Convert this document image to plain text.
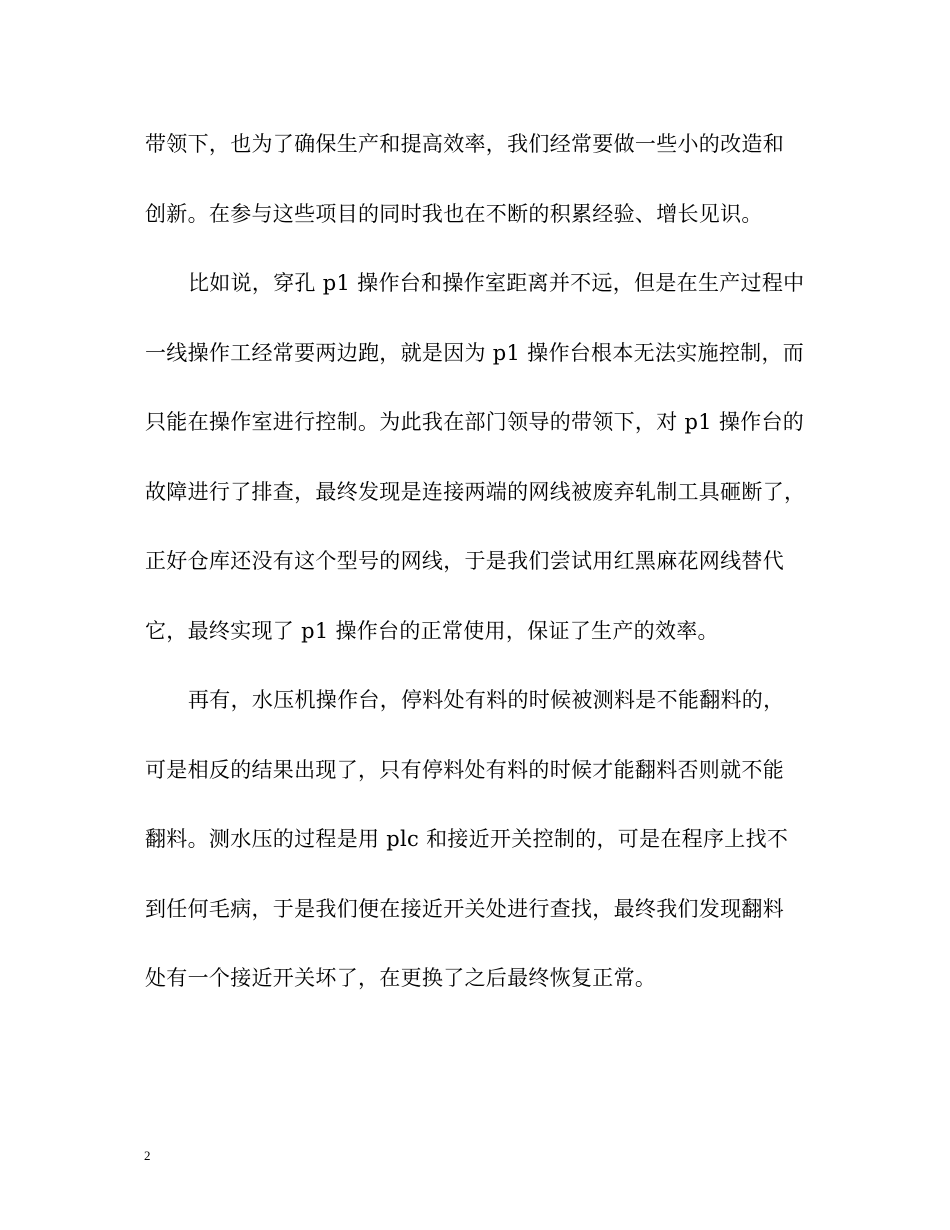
带领下，也为了确保生产和提高效率，我们经常要做一些小的改造和
创新。在参与这些项目的同时我也在不断的积累经验、增长见识。
比如说，穿孔 p1 操作台和操作室距离并不远，但是在生产过程中
一线操作工经常要两边跑，就是因为 p1 操作台根本无法实施控制，而
只能在操作室进行控制。为此我在部门领导的带领下，对 p1 操作台的
故障进行了排查，最终发现是连接两端的网线被废弃轧制工具砸断了，
正好仓库还没有这个型号的网线，于是我们尝试用红黑麻花网线替代
它，最终实现了 p1 操作台的正常使用，保证了生产的效率。
再有，水压机操作台，停料处有料的时候被测料是不能翻料的，
可是相反的结果出现了，只有停料处有料的时候才能翻料否则就不能
翻料。测水压的过程是用 plc 和接近开关控制的，可是在程序上找不
到任何毛病，于是我们便在接近开关处进行查找，最终我们发现翻料
处有一个接近开关坏了，在更换了之后最终恢复正常。
2
